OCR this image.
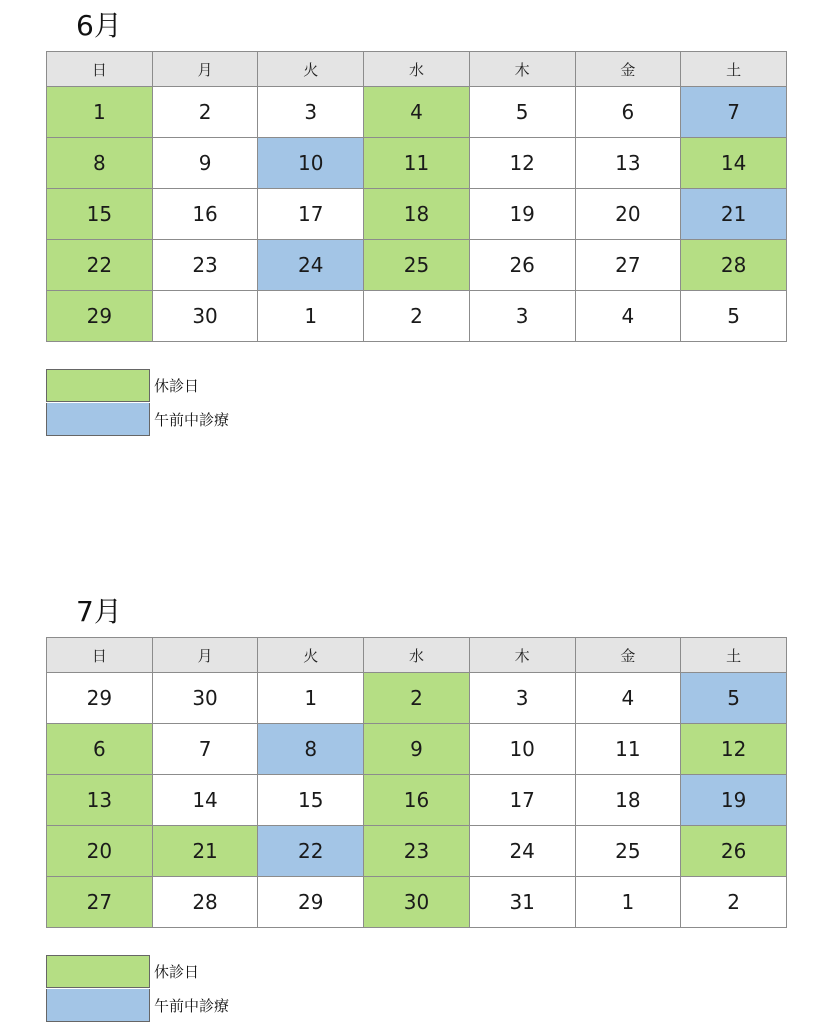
6月
日	月	火	水	木	金	土
1	2	3	4	5	6	7
8	9	10	11	12	13	14
15	16	17	18	19	20	21
22	23	24	25	26	27	28
29	30	1	2	3	4	5
休診日
午前中診療
7月
日	月	火	水	木	金	土
29	30	1	2	3	4	5
6	7	8	9	10	11	12
13	14	15	16	17	18	19
20	21	22	23	24	25	26
27	28	29	30	31	1	2
休診日
午前中診療
